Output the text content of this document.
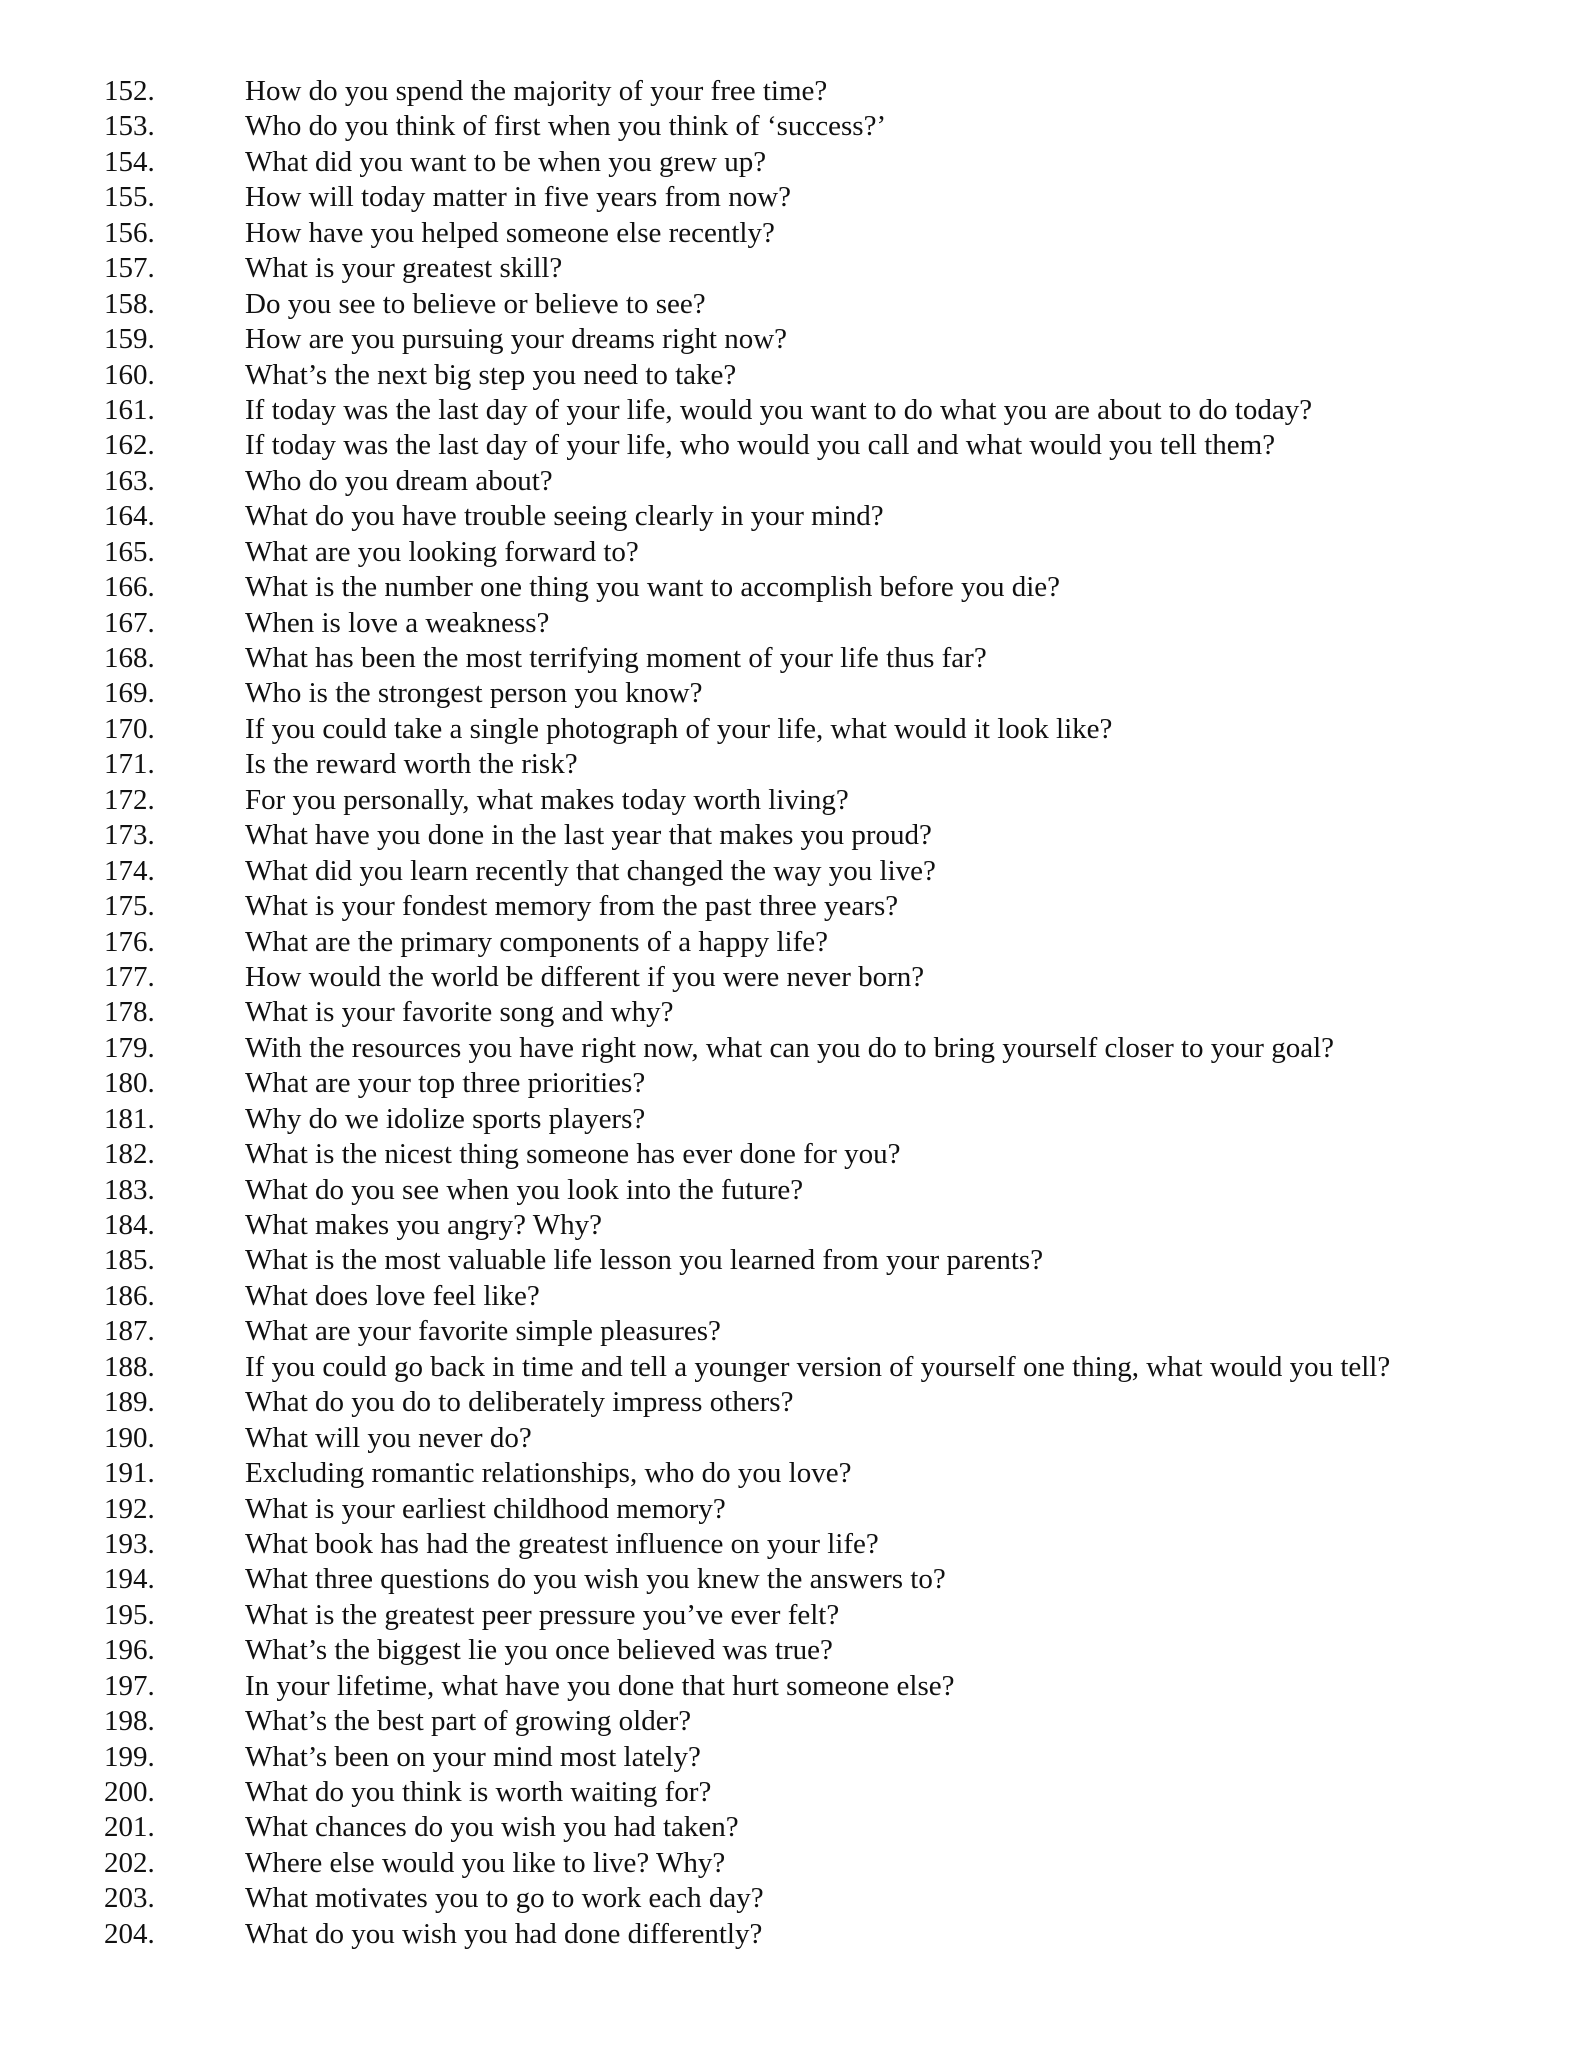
152.	How do you spend the majority of your free time?
153.	Who do you think of first when you think of ‘success?’
154.	What did you want to be when you grew up?
155.	How will today matter in five years from now?
156.	How have you helped someone else recently?
157.	What is your greatest skill?
158.	Do you see to believe or believe to see?
159.	How are you pursuing your dreams right now?
160.	What’s the next big step you need to take?
161.	If today was the last day of your life, would you want to do what you are about to do today?
162.	If today was the last day of your life, who would you call and what would you tell them?
163.	Who do you dream about?
164.	What do you have trouble seeing clearly in your mind?
165.	What are you looking forward to?
166.	What is the number one thing you want to accomplish before you die?
167.	When is love a weakness?
168.	What has been the most terrifying moment of your life thus far?
169.	Who is the strongest person you know?
170.	If you could take a single photograph of your life, what would it look like?
171.	Is the reward worth the risk?
172.	For you personally, what makes today worth living?
173.	What have you done in the last year that makes you proud?
174.	What did you learn recently that changed the way you live?
175.	What is your fondest memory from the past three years?
176.	What are the primary components of a happy life?
177.	How would the world be different if you were never born?
178.	What is your favorite song and why?
179.	With the resources you have right now, what can you do to bring yourself closer to your goal?
180.	What are your top three priorities?
181.	Why do we idolize sports players?
182.	What is the nicest thing someone has ever done for you?
183.	What do you see when you look into the future?
184.	What makes you angry? Why?
185.	What is the most valuable life lesson you learned from your parents?
186.	What does love feel like?
187.	What are your favorite simple pleasures?
188.	If you could go back in time and tell a younger version of yourself one thing, what would you tell?
189.	What do you do to deliberately impress others?
190.	What will you never do?
191.	Excluding romantic relationships, who do you love?
192.	What is your earliest childhood memory?
193.	What book has had the greatest influence on your life?
194.	What three questions do you wish you knew the answers to?
195.	What is the greatest peer pressure you’ve ever felt?
196.	What’s the biggest lie you once believed was true?
197.	In your lifetime, what have you done that hurt someone else?
198.	What’s the best part of growing older?
199.	What’s been on your mind most lately?
200.	What do you think is worth waiting for?
201.	What chances do you wish you had taken?
202.	Where else would you like to live? Why?
203.	What motivates you to go to work each day?
204.	What do you wish you had done differently?
